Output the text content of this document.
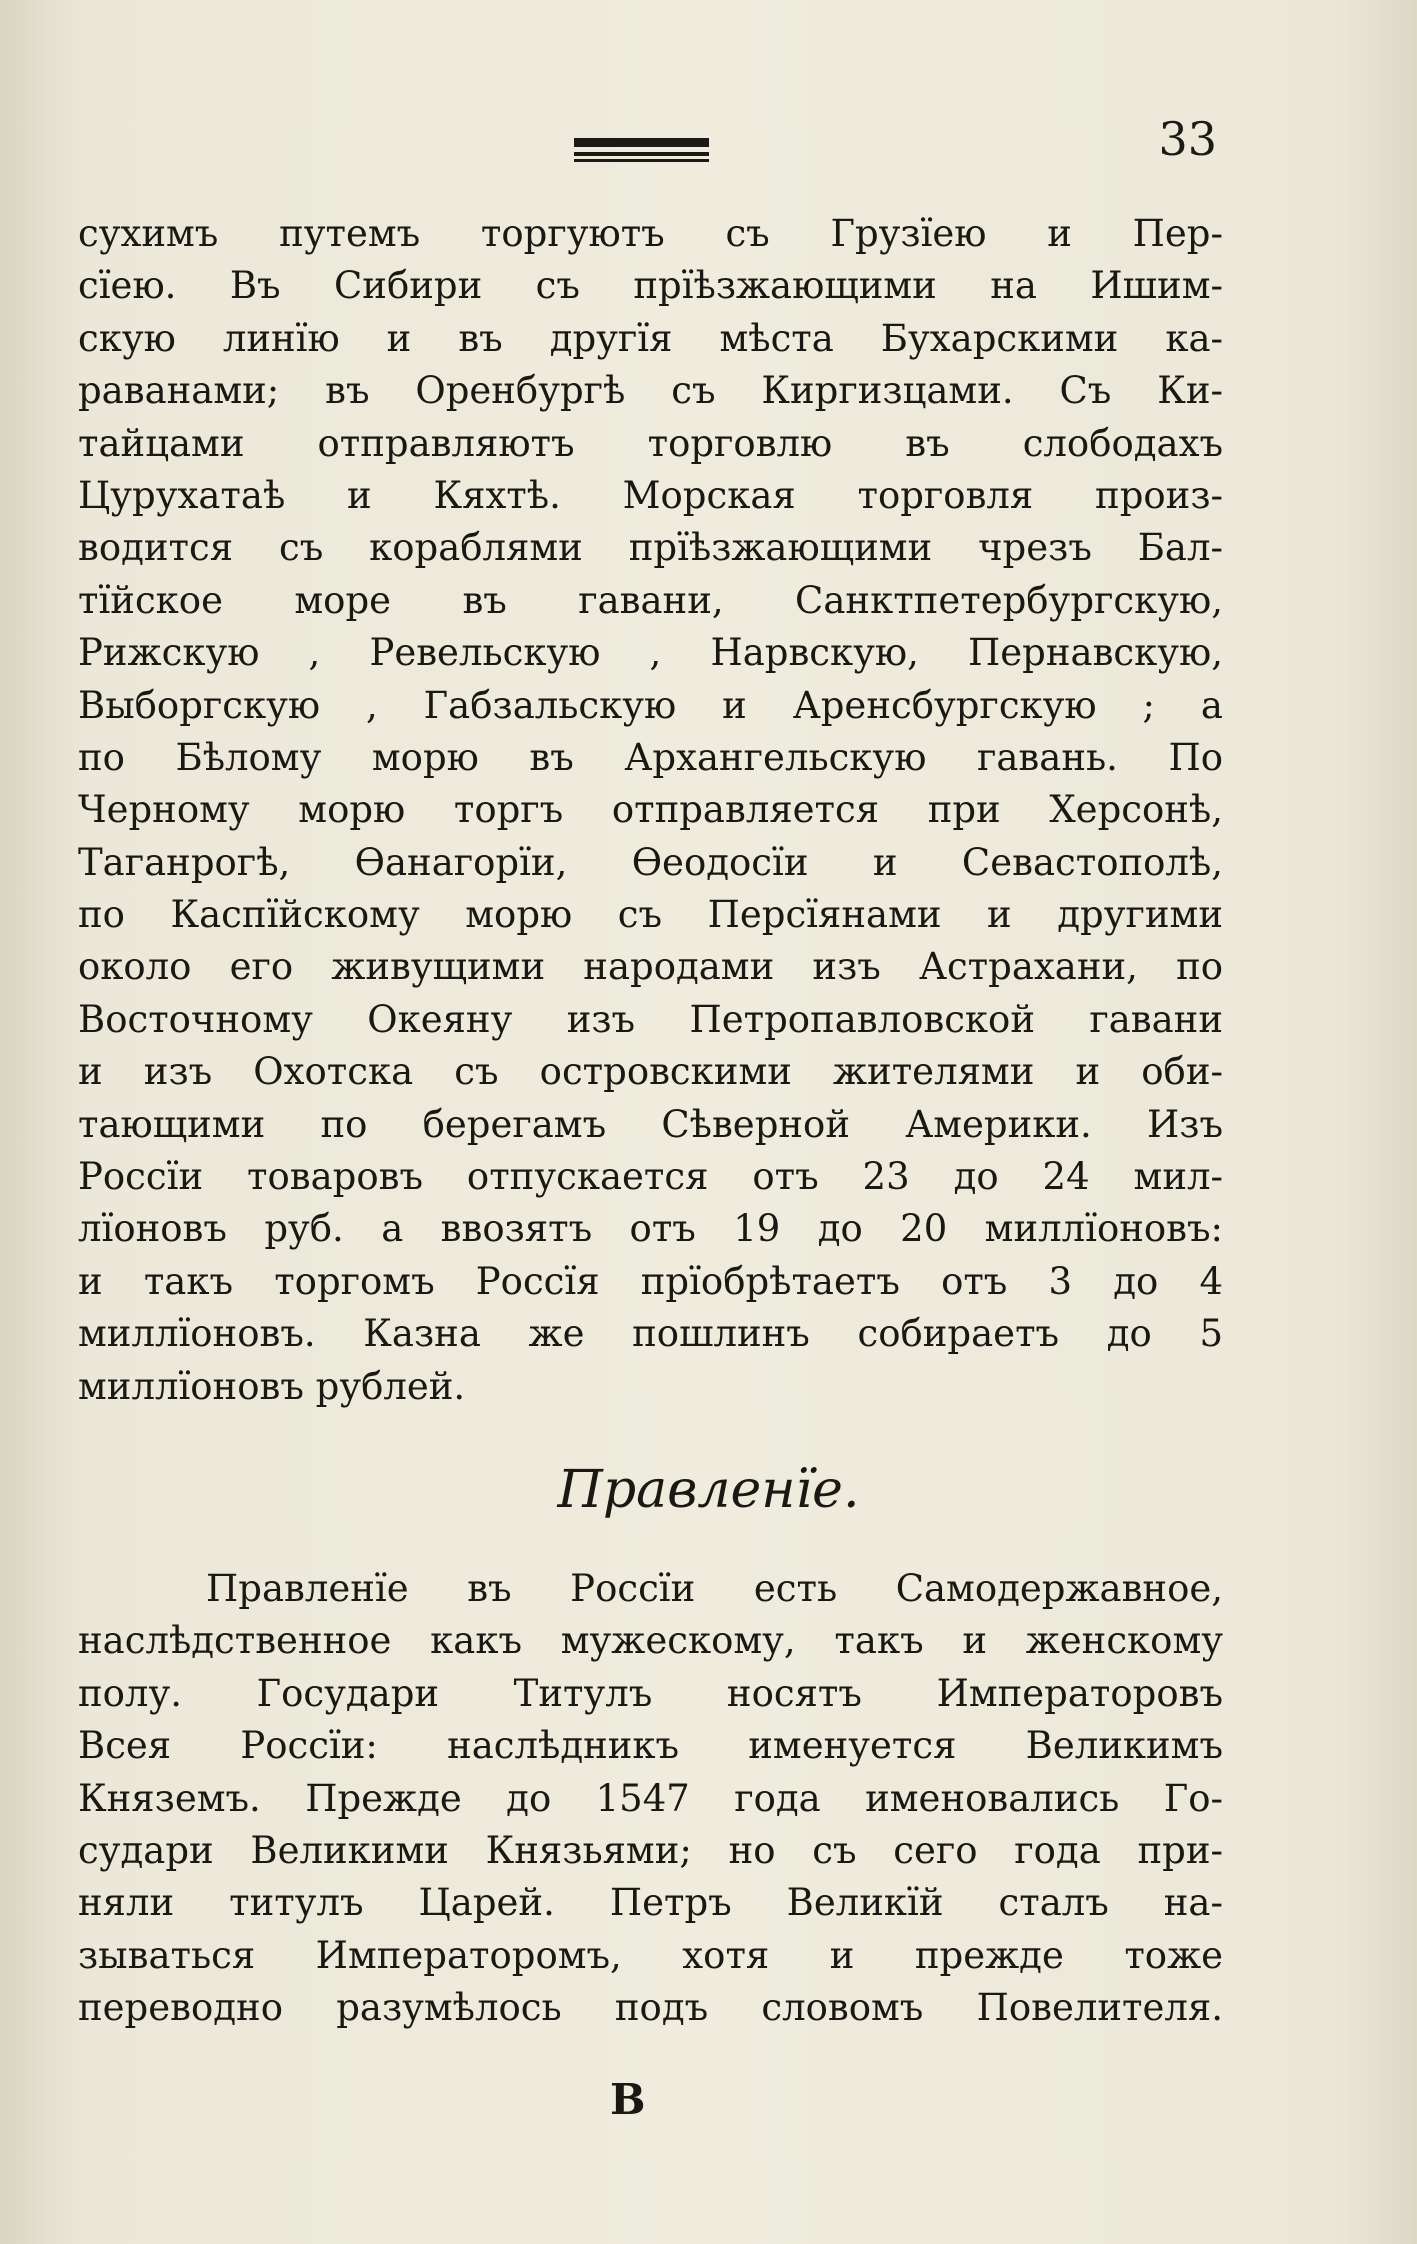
33
сухимъ путемъ торгуютъ съ Грузїею и Пер-
сїею. Въ Сибири съ прїѣзжающими на Ишим-
скую линїю и въ другїя мѣста Бухарскими ка-
раванами; въ Оренбургѣ съ Киргизцами. Съ Ки-
тайцами отправляютъ торговлю въ слободахъ
Цурухатаѣ и Кяхтѣ. Морская торговля произ-
водится съ кораблями прїѣзжающими чрезъ Бал-
тїйское море въ гавани, Санктпетербургскую,
Рижскую , Ревельскую , Нарвскую, Пернавскую,
Выборгскую , Габзальскую и Аренсбургскую ; а
по Бѣлому морю въ Архангельскую гавань. По
Черному морю торгъ отправляется при Херсонѣ,
Таганрогѣ, Ѳанагорїи, Ѳеодосїи и Севастополѣ,
по Каспїйскому морю съ Персїянами и другими
около его живущими народами изъ Астрахани, по
Восточному Океяну изъ Петропавловской гавани
и изъ Охотска съ островскими жителями и оби-
тающими по берегамъ Сѣверной Америки. Изъ
Россїи товаровъ отпускается отъ 23 до 24 мил-
лїоновъ руб. а ввозятъ отъ 19 до 20 миллїоновъ:
и такъ торгомъ Россїя прїобрѣтаетъ отъ 3 до 4
миллїоновъ. Казна же пошлинъ собираетъ до 5
миллїоновъ рублей.
Правленїе.
Правленїе въ Россїи есть Самодержавное,
наслѣдственное какъ мужескому, такъ и женскому
полу. Государи Титулъ носятъ Императоровъ
Всея Россїи: наслѣдникъ именуется Великимъ
Княземъ. Прежде до 1547 года именовались Го-
судари Великими Князьями; но съ сего года при-
няли титулъ Царей. Петръ Великїй сталъ на-
зываться Императоромъ, хотя и прежде тоже
переводно разумѣлось подъ словомъ Повелителя.
В
